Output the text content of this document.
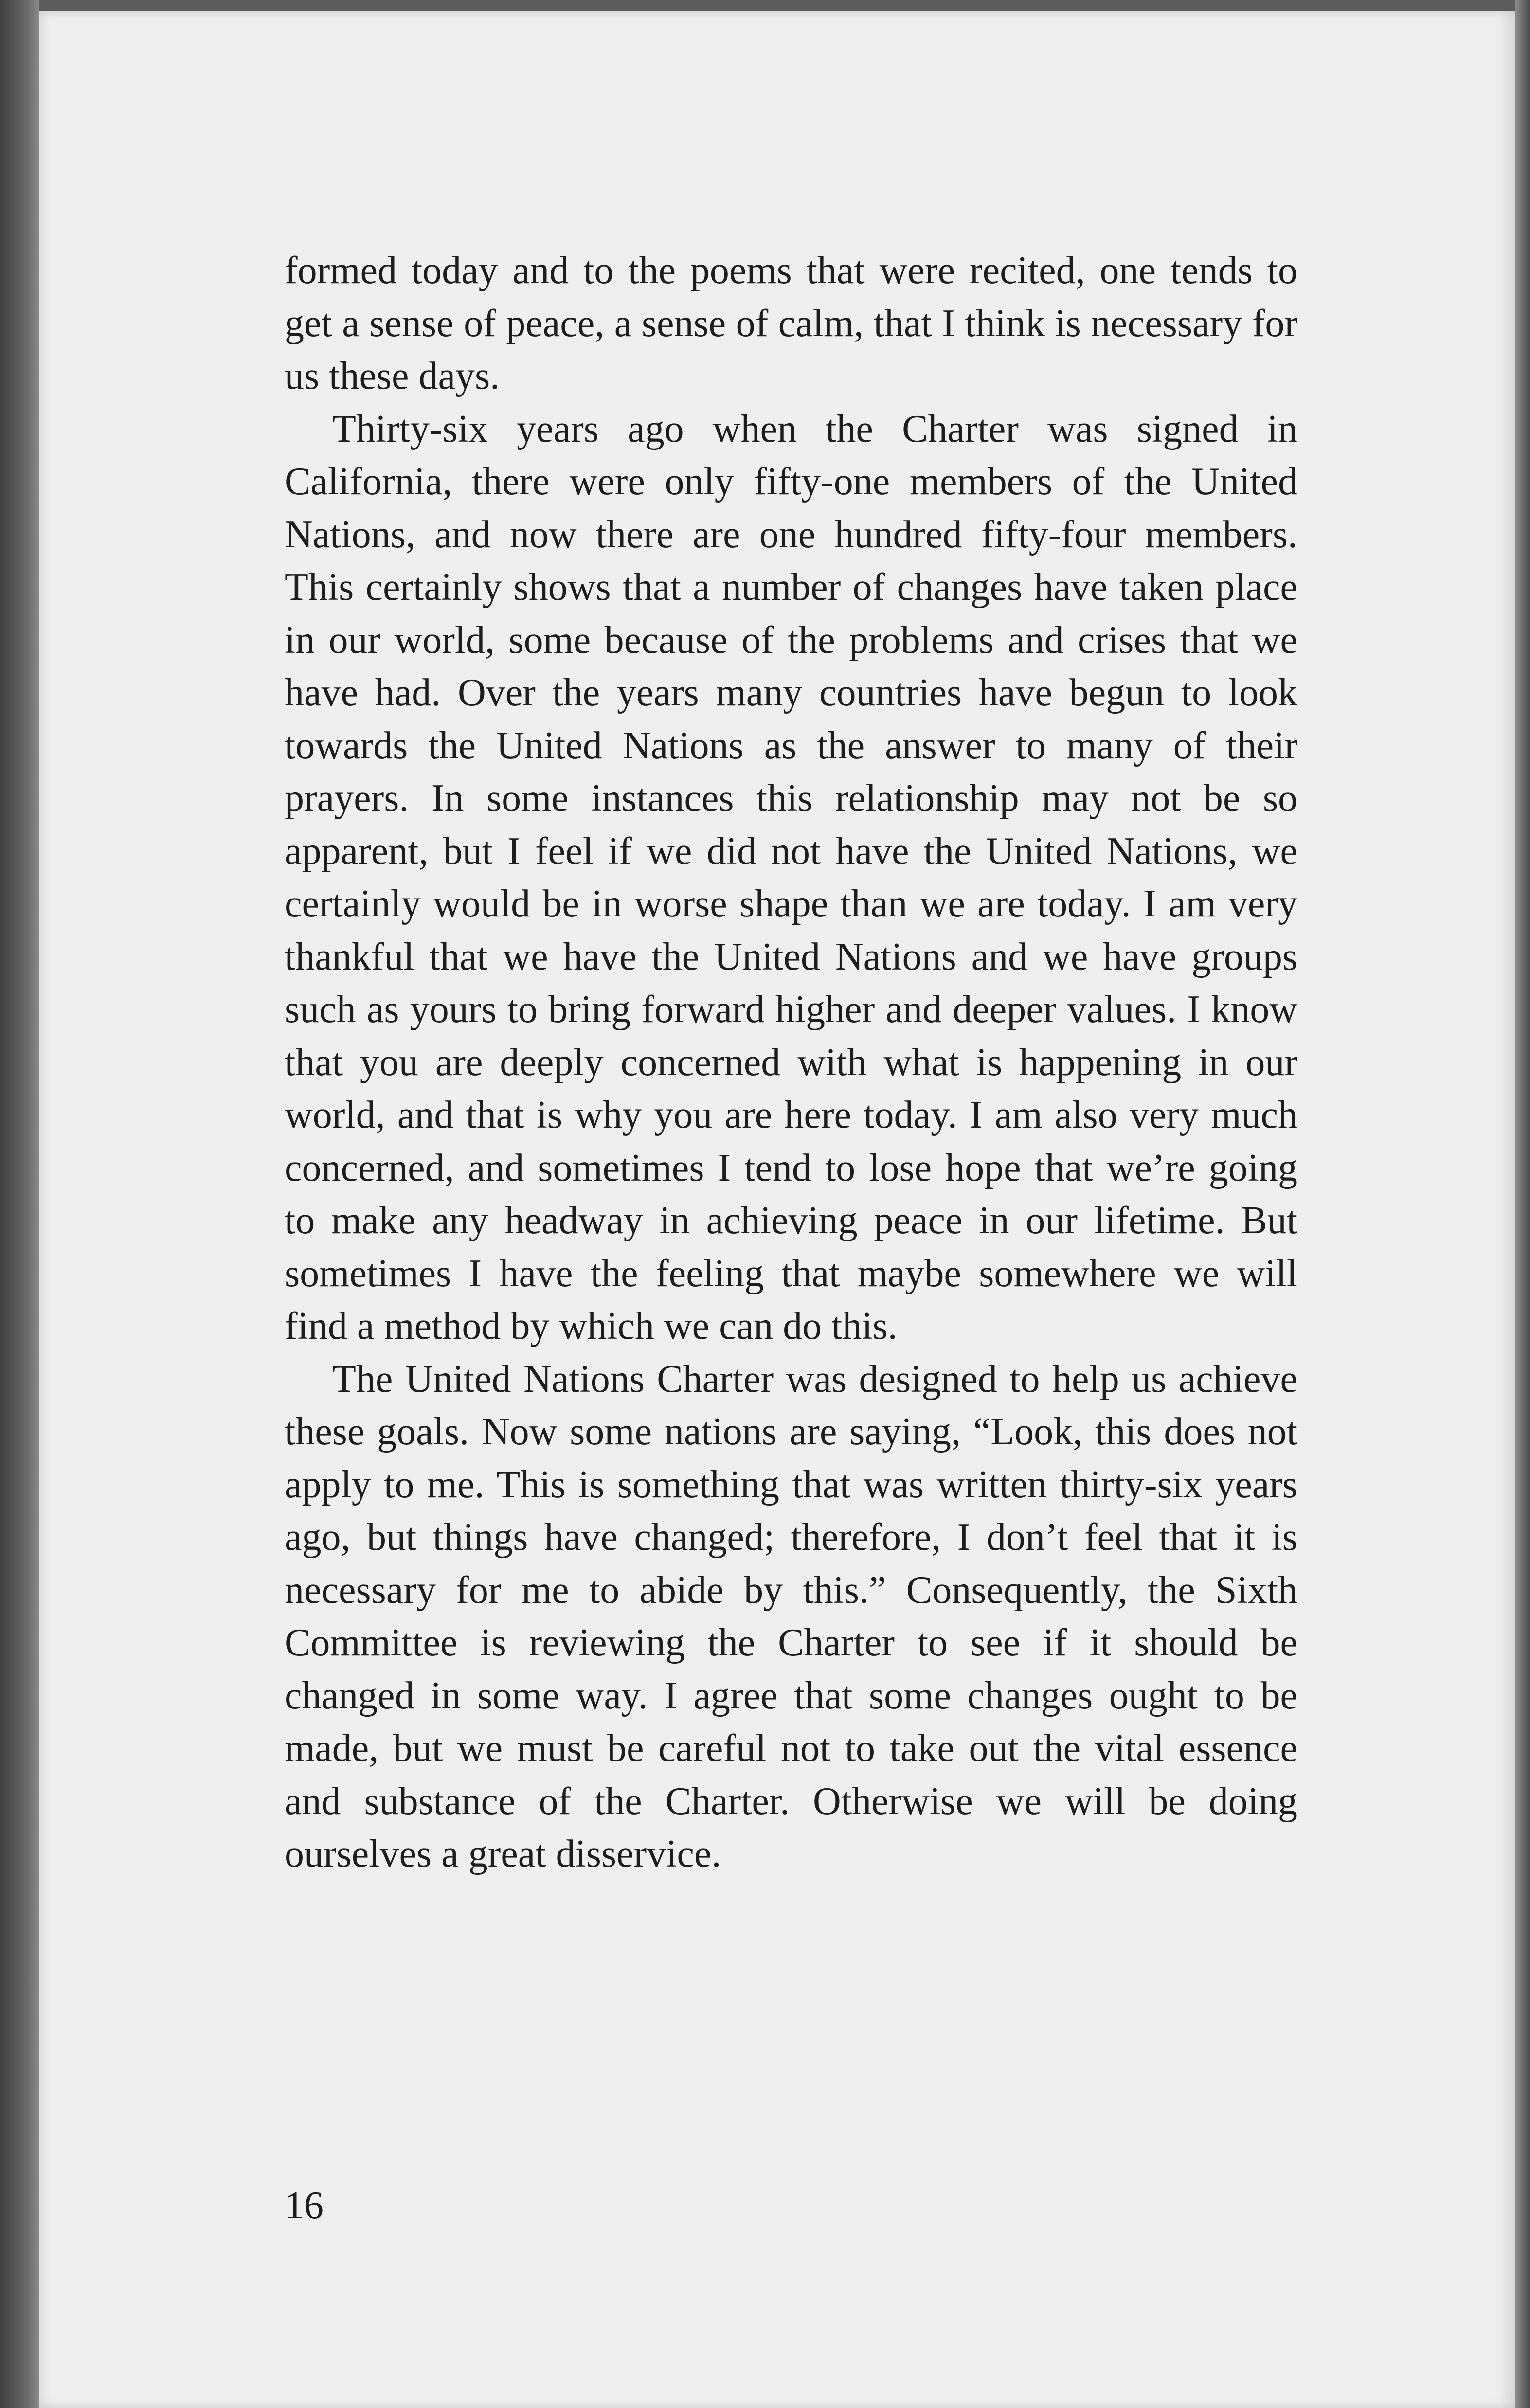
formed today and to the poems that were recited, one tends to get a sense of peace, a sense of calm, that I think is necessary for us these days.

Thirty-six years ago when the Charter was signed in California, there were only fifty-one members of the United Nations, and now there are one hundred fifty-four members. This certainly shows that a number of changes have taken place in our world, some because of the problems and crises that we have had. Over the years many countries have begun to look towards the United Nations as the answer to many of their prayers. In some instances this relationship may not be so apparent, but I feel if we did not have the United Nations, we certainly would be in worse shape than we are today. I am very thankful that we have the United Nations and we have groups such as yours to bring forward higher and deeper values. I know that you are deeply concerned with what is happening in our world, and that is why you are here today. I am also very much concerned, and sometimes I tend to lose hope that we’re going to make any headway in achieving peace in our lifetime. But sometimes I have the feeling that maybe somewhere we will find a method by which we can do this.

The United Nations Charter was designed to help us achieve these goals. Now some nations are saying, “Look, this does not apply to me. This is something that was written thirty-six years ago, but things have changed; therefore, I don’t feel that it is necessary for me to abide by this.” Consequently, the Sixth Committee is reviewing the Charter to see if it should be changed in some way. I agree that some changes ought to be made, but we must be careful not to take out the vital essence and substance of the Charter. Otherwise we will be doing ourselves a great disservice.

16
